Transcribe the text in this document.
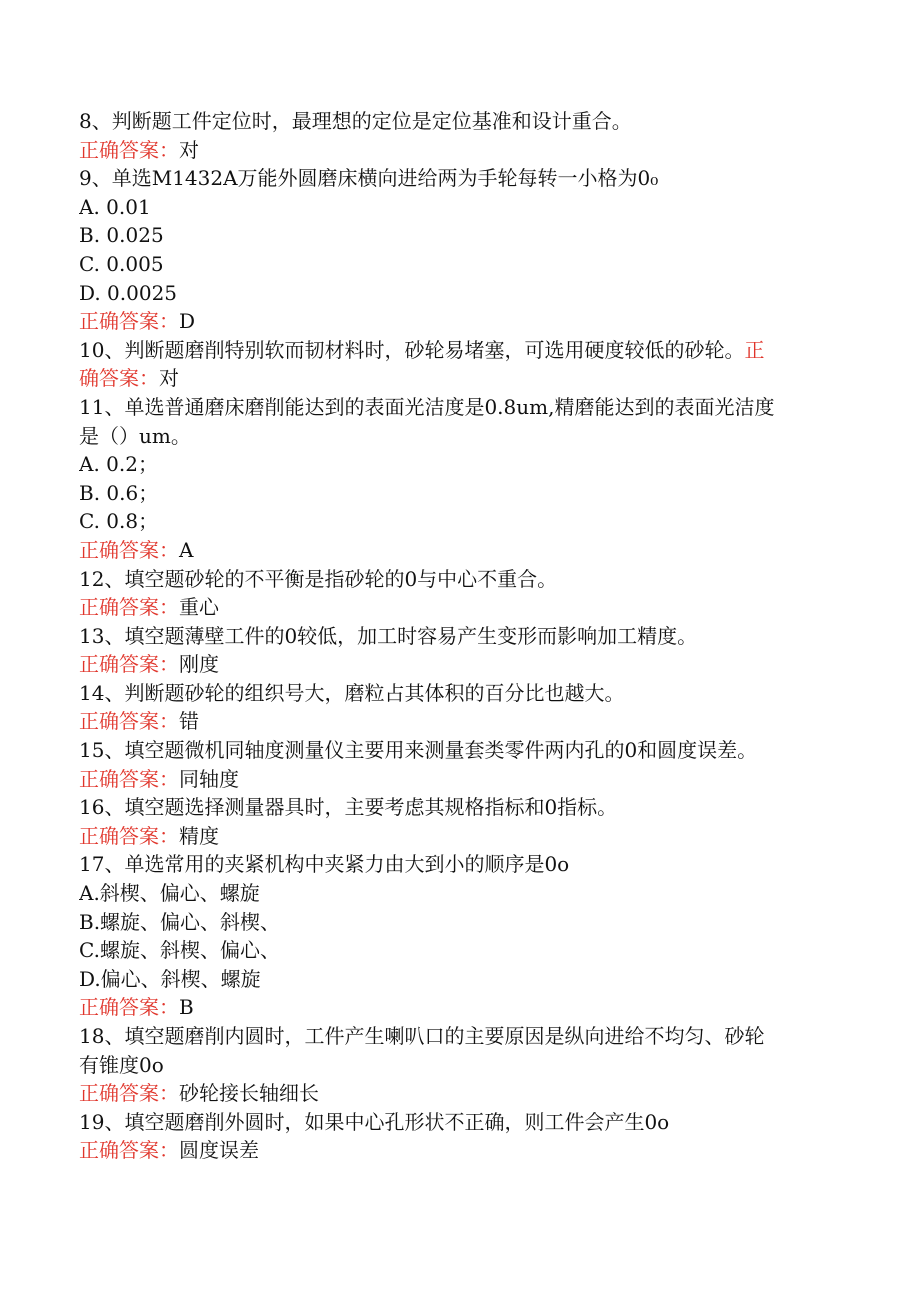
8、判断题工件定位时，最理想的定位是定位基准和设计重合。
正确答案：对
9、单选M1432A万能外圆磨床横向进给两为手轮每转一小格为0₀
A. 0.01
B. 0.025
C. 0.005
D. 0.0025
正确答案：D
10、判断题磨削特别软而韧材料时，砂轮易堵塞，可选用硬度较低的砂轮。正
确答案：对
11、单选普通磨床磨削能达到的表面光洁度是0.8um,精磨能达到的表面光洁度
是（）um。
A. 0.2；
B. 0.6；
C. 0.8；
正确答案：A
12、填空题砂轮的不平衡是指砂轮的0与中心不重合。
正确答案：重心
13、填空题薄壁工件的0较低，加工时容易产生变形而影响加工精度。
正确答案：刚度
14、判断题砂轮的组织号大，磨粒占其体积的百分比也越大。
正确答案：错
15、填空题微机同轴度测量仪主要用来测量套类零件两内孔的0和圆度误差。
正确答案：同轴度
16、填空题选择测量器具时，主要考虑其规格指标和0指标。
正确答案：精度
17、单选常用的夹紧机构中夹紧力由大到小的顺序是0o
A.斜楔、偏心、螺旋
B.螺旋、偏心、斜楔、
C.螺旋、斜楔、偏心、
D.偏心、斜楔、螺旋
正确答案：B
18、填空题磨削内圆时，工件产生喇叭口的主要原因是纵向进给不均匀、砂轮
有锥度0o
正确答案：砂轮接长轴细长
19、填空题磨削外圆时，如果中心孔形状不正确，则工件会产生0o
正确答案：圆度误差
